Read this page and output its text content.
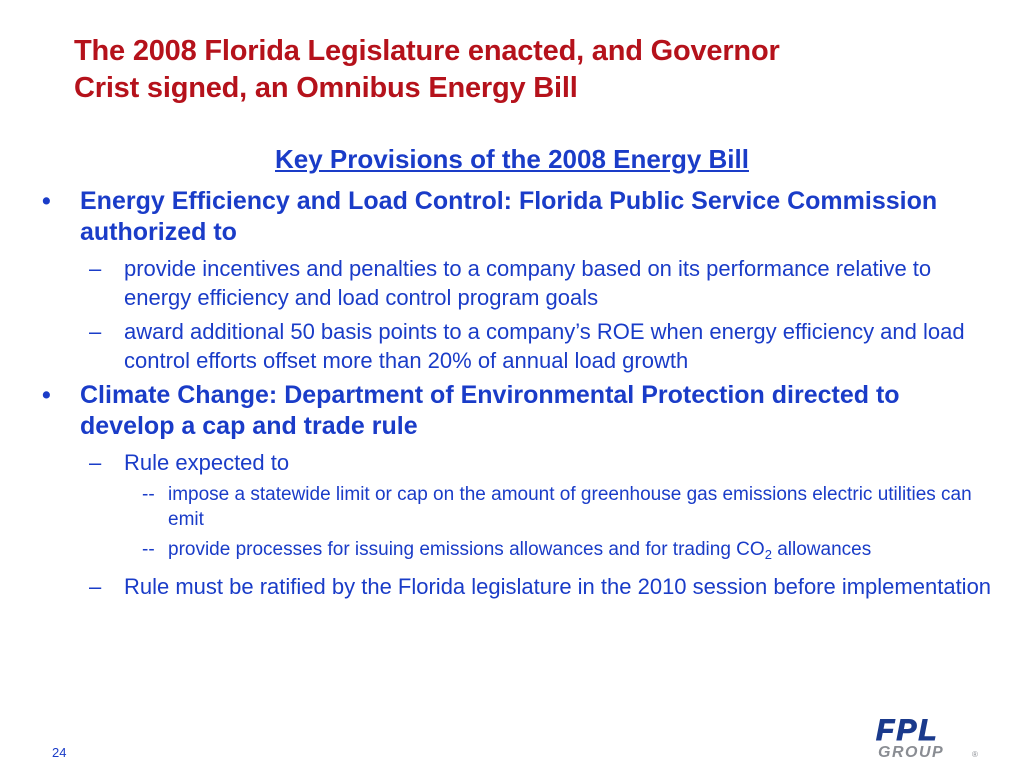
The 2008 Florida Legislature enacted, and Governor
Crist signed, an Omnibus Energy Bill
Key Provisions of the 2008 Energy Bill
• Energy Efficiency and Load Control: Florida Public Service Commission authorized to
– provide incentives and penalties to a company based on its performance relative to energy efficiency and load control program goals
– award additional 50 basis points to a company’s ROE when energy efficiency and load control efforts offset more than 20% of annual load growth
• Climate Change: Department of Environmental Protection directed to develop a cap and trade rule
– Rule expected to
-- impose a statewide limit or cap on the amount of greenhouse gas emissions electric utilities can emit
-- provide processes for issuing emissions allowances and for trading $CO_2$ allowances
– Rule must be ratified by the Florida legislature in the 2010 session before implementation
24
FPL
GROUP	®
